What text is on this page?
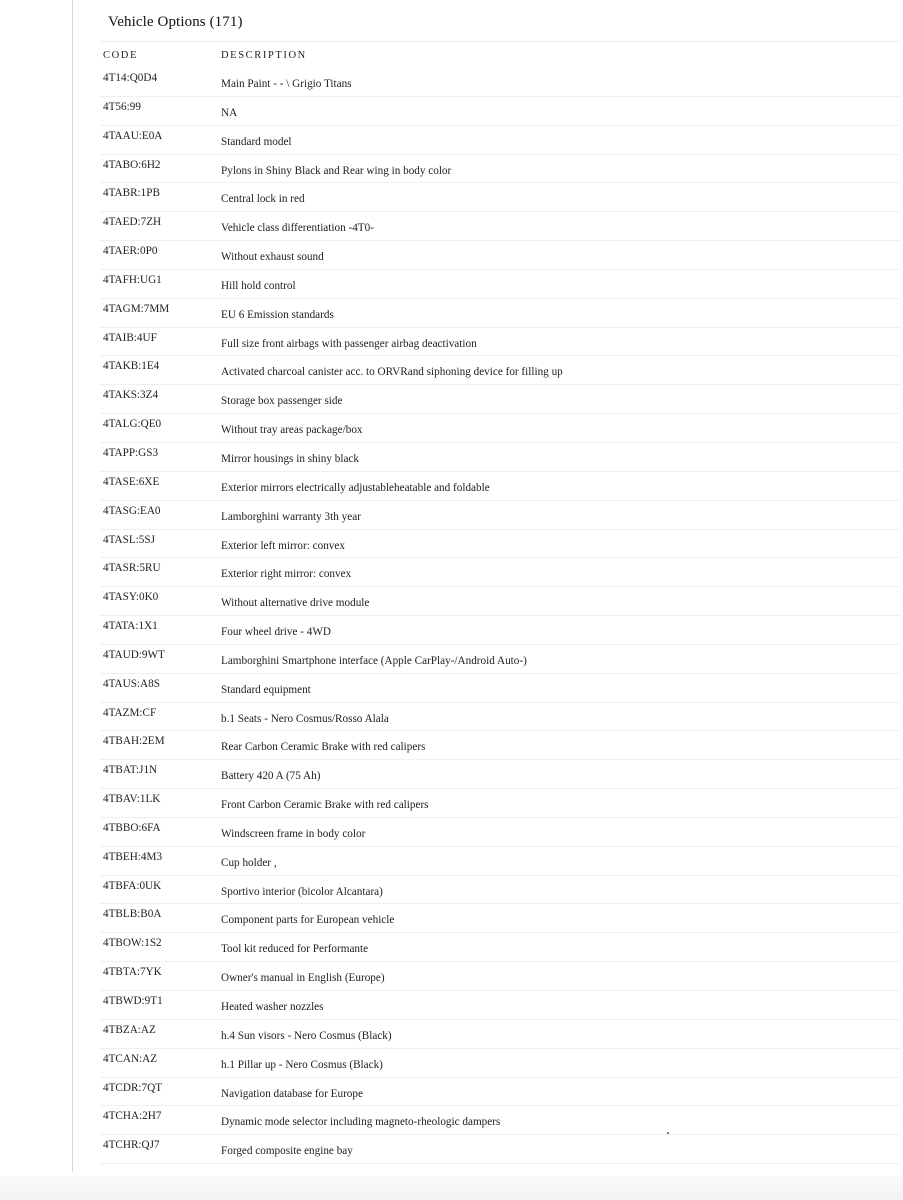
Vehicle Options (171)
CODE	DESCRIPTION
4T14:Q0D4	Main Paint - - \ Grigio Titans
4T56:99	NA
4TAAU:E0A	Standard model
4TABO:6H2	Pylons in Shiny Black and Rear wing in body color
4TABR:1PB	Central lock in red
4TAED:7ZH	Vehicle class differentiation -4T0-
4TAER:0P0	Without exhaust sound
4TAFH:UG1	Hill hold control
4TAGM:7MM	EU 6 Emission standards
4TAIB:4UF	Full size front airbags with passenger airbag deactivation
4TAKB:1E4	Activated charcoal canister acc. to ORVRand siphoning device for filling up
4TAKS:3Z4	Storage box passenger side
4TALG:QE0	Without tray areas package/box
4TAPP:GS3	Mirror housings in shiny black
4TASE:6XE	Exterior mirrors electrically adjustableheatable and foldable
4TASG:EA0	Lamborghini warranty 3th year
4TASL:5SJ	Exterior left mirror: convex
4TASR:5RU	Exterior right mirror: convex
4TASY:0K0	Without alternative drive module
4TATA:1X1	Four wheel drive - 4WD
4TAUD:9WT	Lamborghini Smartphone interface (Apple CarPlay-/Android Auto-)
4TAUS:A8S	Standard equipment
4TAZM:CF	b.1 Seats - Nero Cosmus/Rosso Alala
4TBAH:2EM	Rear Carbon Ceramic Brake with red calipers
4TBAT:J1N	Battery 420 A (75 Ah)
4TBAV:1LK	Front Carbon Ceramic Brake with red calipers
4TBBO:6FA	Windscreen frame in body color
4TBEH:4M3	Cup holder ,
4TBFA:0UK	Sportivo interior (bicolor Alcantara)
4TBLB:B0A	Component parts for European vehicle
4TBOW:1S2	Tool kit reduced for Performante
4TBTA:7YK	Owner's manual in English (Europe)
4TBWD:9T1	Heated washer nozzles
4TBZA:AZ	h.4 Sun visors - Nero Cosmus (Black)
4TCAN:AZ	h.1 Pillar up - Nero Cosmus (Black)
4TCDR:7QT	Navigation database for Europe
4TCHA:2H7	Dynamic mode selector including magneto-rheologic dampers
4TCHR:QJ7	Forged composite engine bay
